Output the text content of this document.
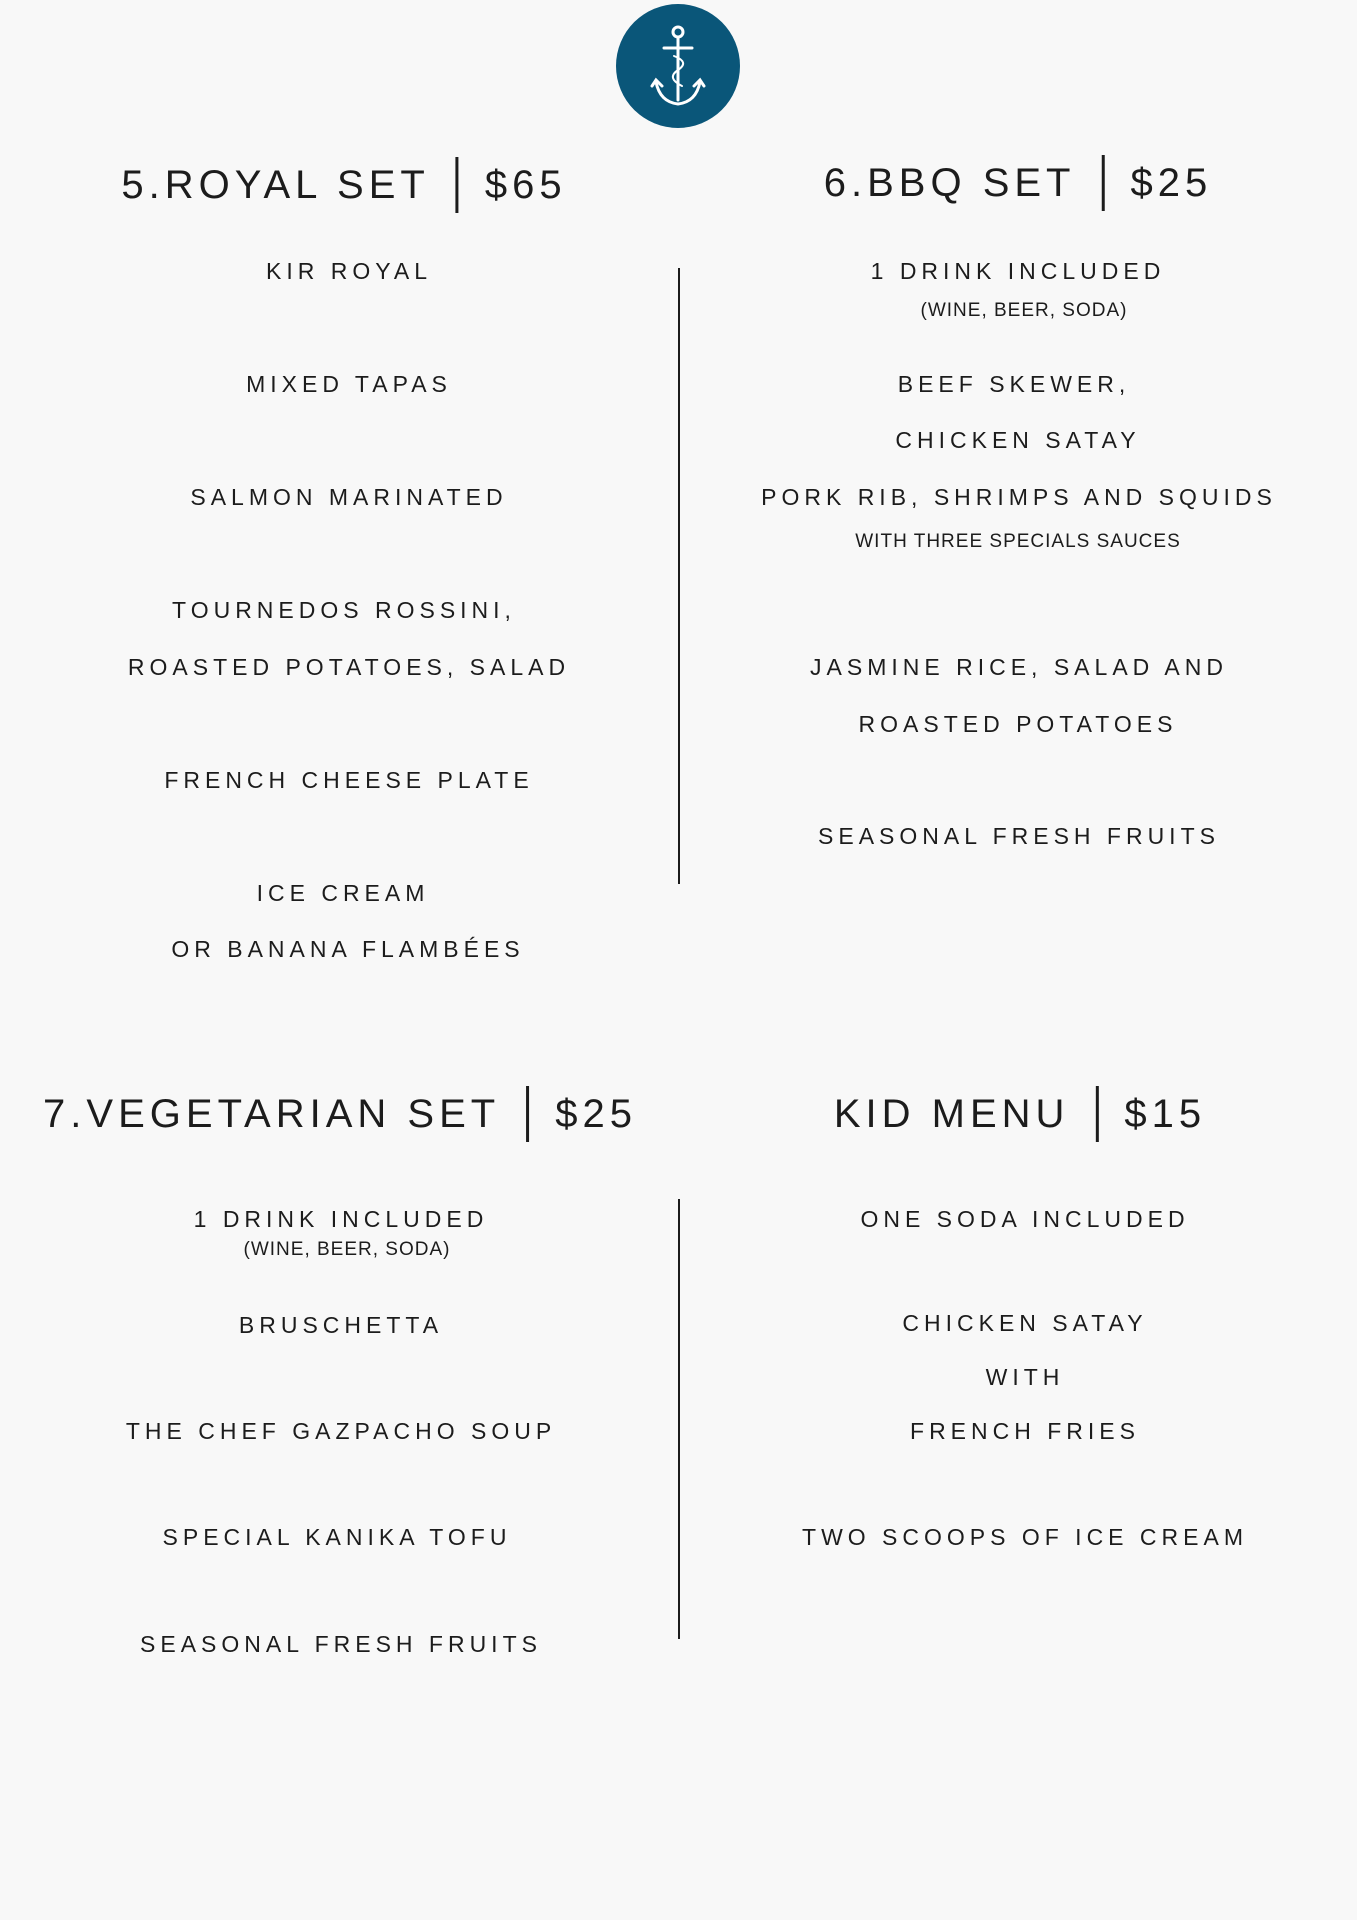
5.ROYAL SET $65
KIR ROYAL
MIXED TAPAS
SALMON MARINATED
TOURNEDOS ROSSINI,
ROASTED POTATOES, SALAD
FRENCH CHEESE PLATE
ICE CREAM
OR BANANA FLAMBÉES
6.BBQ SET $25
1 DRINK INCLUDED
(WINE, BEER, SODA)
BEEF SKEWER,
CHICKEN SATAY
PORK RIB, SHRIMPS AND SQUIDS
WITH THREE SPECIALS SAUCES
JASMINE RICE, SALAD AND
ROASTED POTATOES
SEASONAL FRESH FRUITS
7.VEGETARIAN SET $25
1 DRINK INCLUDED
(WINE, BEER, SODA)
BRUSCHETTA
THE CHEF GAZPACHO SOUP
SPECIAL KANIKA TOFU
SEASONAL FRESH FRUITS
KID MENU $15
ONE SODA INCLUDED
CHICKEN SATAY
WITH
FRENCH FRIES
TWO SCOOPS OF ICE CREAM
